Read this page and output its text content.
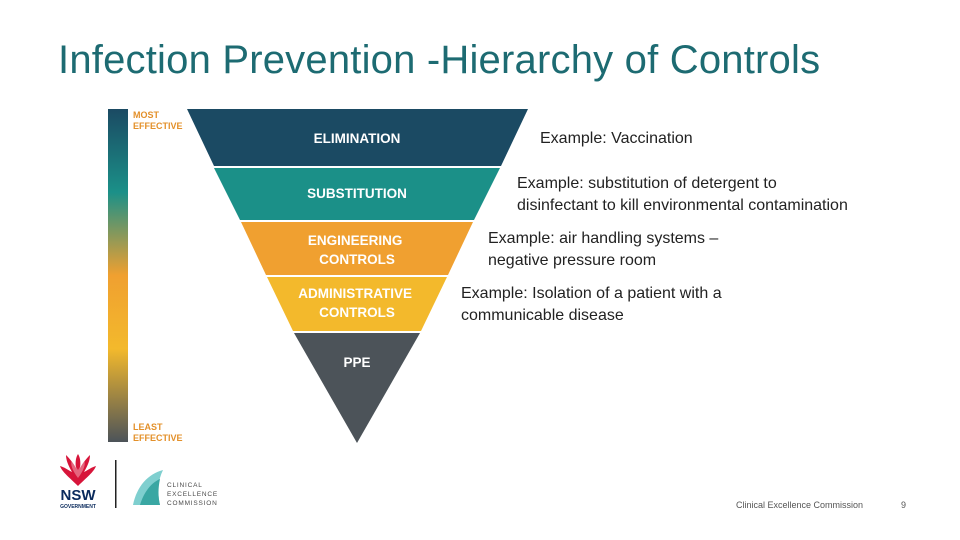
Infection Prevention -Hierarchy of Controls
MOST EFFECTIVE
LEAST EFFECTIVE
ELIMINATION
SUBSTITUTION
ENGINEERING CONTROLS
ADMINISTRATIVE CONTROLS
PPE
NSW
GOVERNMENT
CLINICAL EXCELLENCE COMMISSION
Example: Vaccination
Example: substitution of detergent to
disinfectant to kill environmental contamination
Example: air handling systems –
negative pressure room
Example: Isolation of a patient with a
communicable disease
Clinical Excellence Commission	9
